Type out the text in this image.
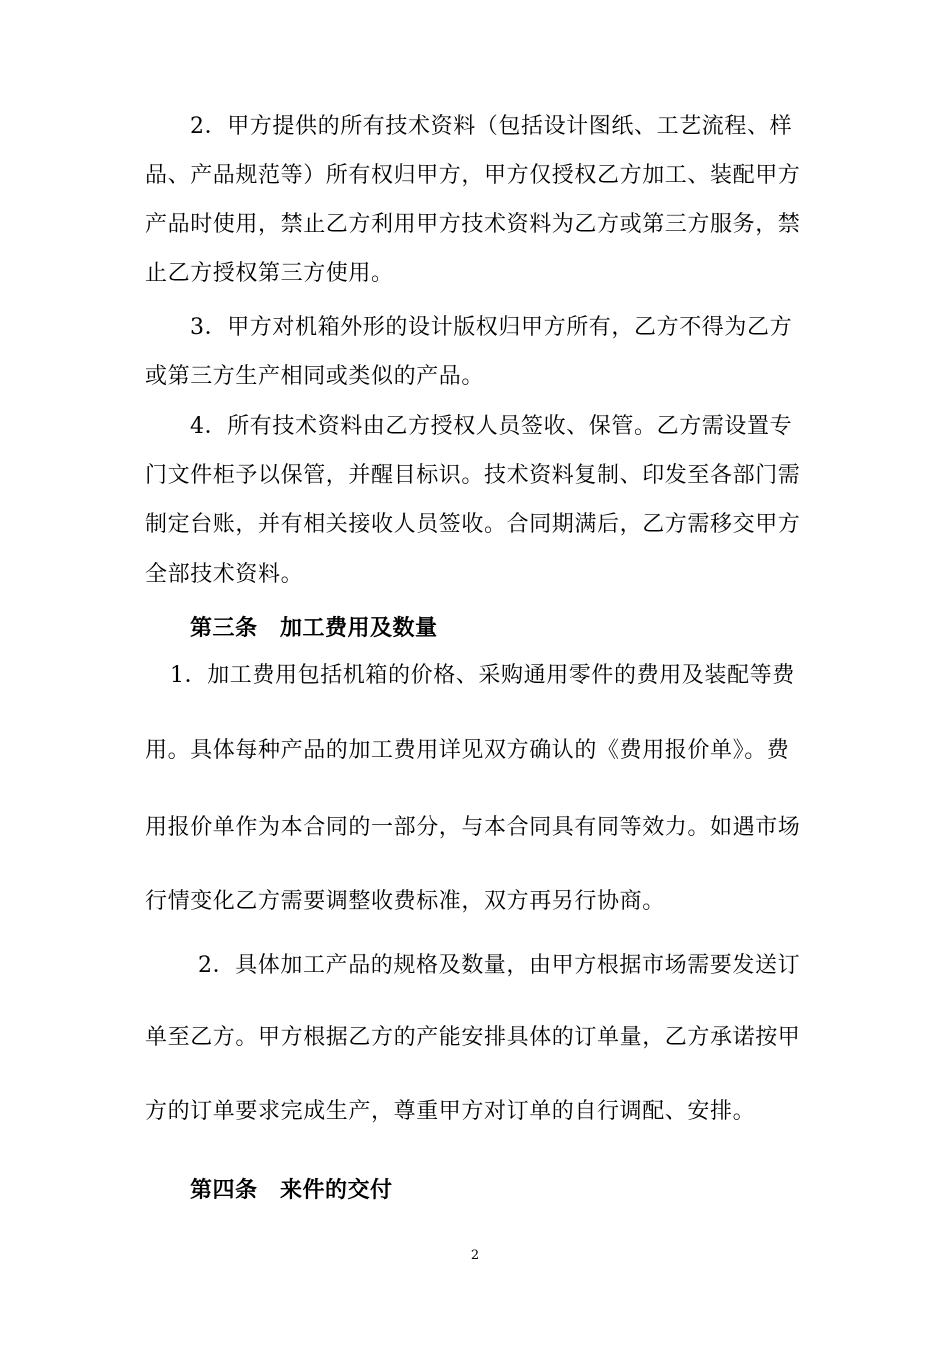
2．甲方提供的所有技术资料（包括设计图纸、工艺流程、样
品、产品规范等）所有权归甲方，甲方仅授权乙方加工、装配甲方
产品时使用，禁止乙方利用甲方技术资料为乙方或第三方服务，禁
止乙方授权第三方使用。
3．甲方对机箱外形的设计版权归甲方所有，乙方不得为乙方
或第三方生产相同或类似的产品。
4．所有技术资料由乙方授权人员签收、保管。乙方需设置专
门文件柜予以保管，并醒目标识。技术资料复制、印发至各部门需
制定台账，并有相关接收人员签收。合同期满后，乙方需移交甲方
全部技术资料。
第三条　加工费用及数量
1．加工费用包括机箱的价格、采购通用零件的费用及装配等费
用。具体每种产品的加工费用详见双方确认的《费用报价单》。费
用报价单作为本合同的一部分，与本合同具有同等效力。如遇市场
行情变化乙方需要调整收费标准，双方再另行协商。
2．具体加工产品的规格及数量，由甲方根据市场需要发送订
单至乙方。甲方根据乙方的产能安排具体的订单量，乙方承诺按甲
方的订单要求完成生产，尊重甲方对订单的自行调配、安排。
第四条　来件的交付
2
